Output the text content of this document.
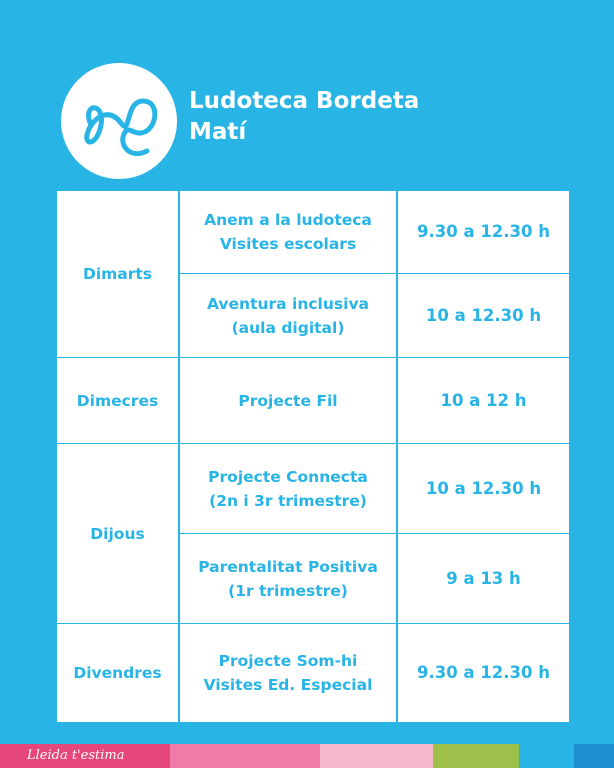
Ludoteca Bordeta
Matí
Dimarts
Anem a la ludoteca
Visites escolars
9.30 a 12.30 h
Aventura inclusiva
(aula digital)
10 a 12.30 h
Dimecres	Projecte Fil	10 a 12 h
Dijous
Projecte Connecta
(2n i 3r trimestre)
10 a 12.30 h
Parentalitat Positiva
(1r trimestre)
9 a 13 h
Divendres
Projecte Som-hi
Visites Ed. Especial
9.30 a 12.30 h
Lleida t'estima
